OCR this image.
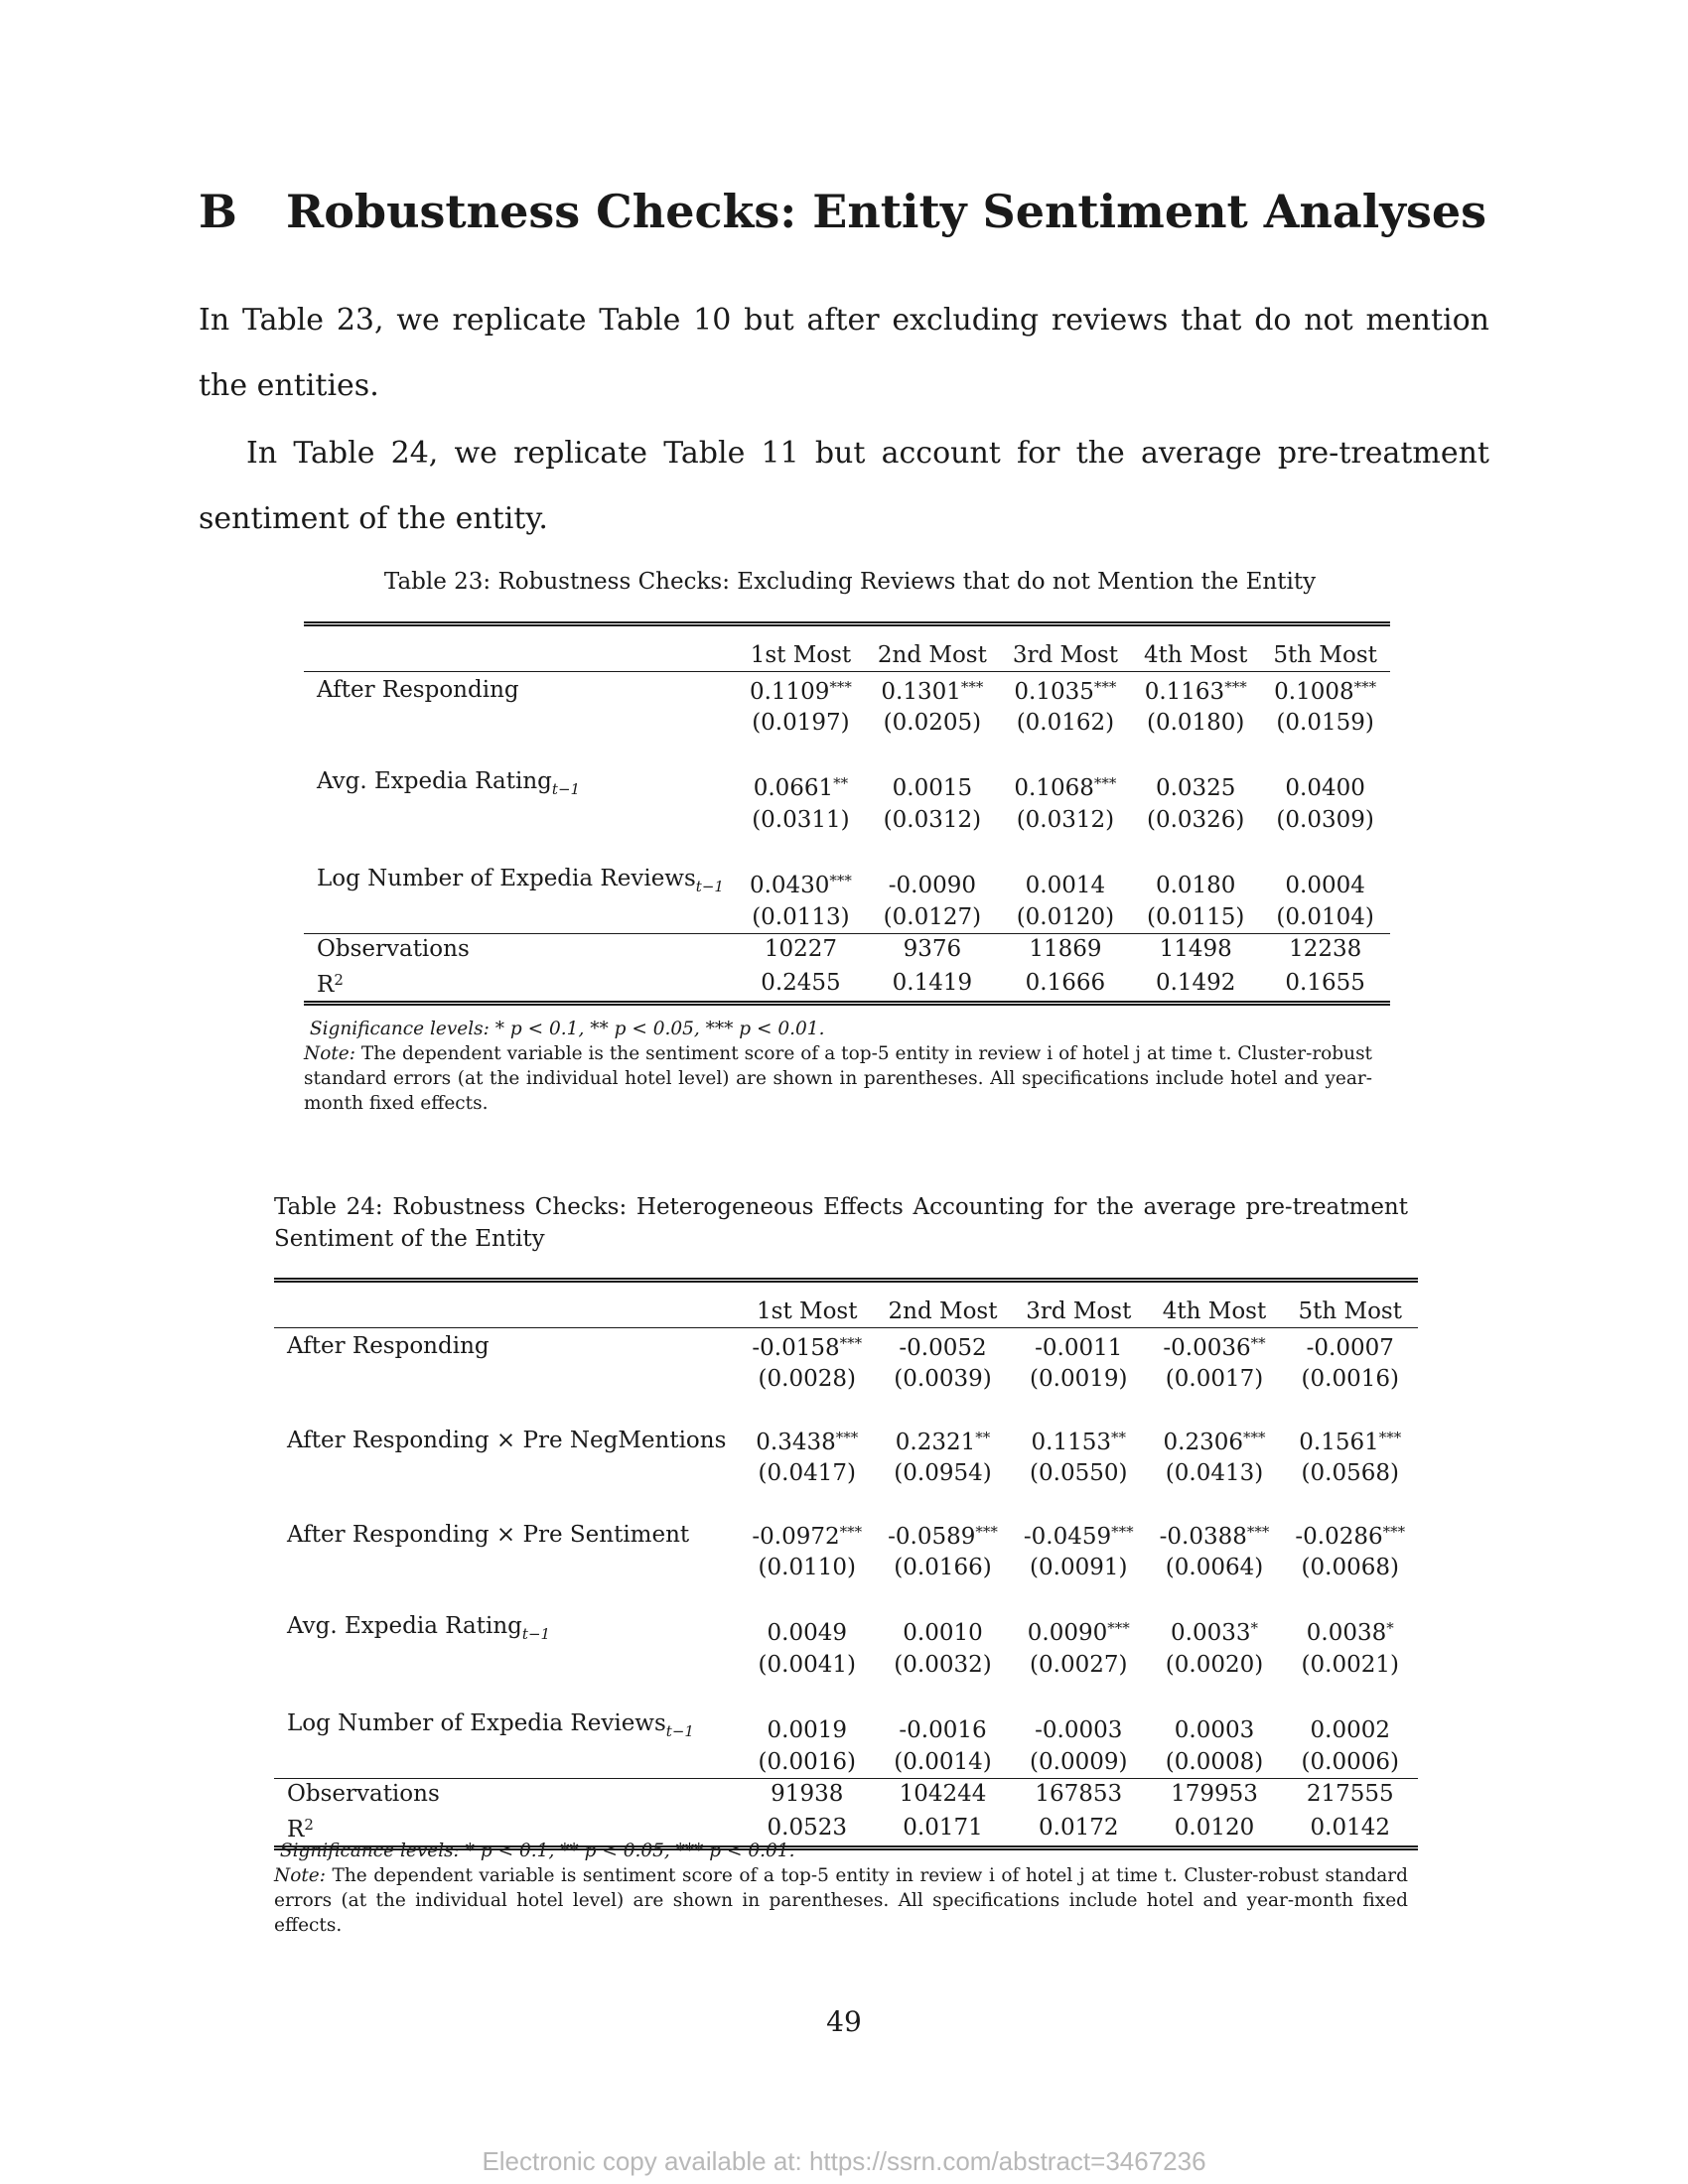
B Robustness Checks: Entity Sentiment Analyses

In Table 23, we replicate Table 10 but after excluding reviews that do not mention the entities.

In Table 24, we replicate Table 11 but account for the average pre-treatment sentiment of the entity.

Table 23: Robustness Checks: Excluding Reviews that do not Mention the Entity

	1st Most	2nd Most	3rd Most	4th Most	5th Most
After Responding	0.1109***	0.1301***	0.1035***	0.1163***	0.1008***
	(0.0197)	(0.0205)	(0.0162)	(0.0180)	(0.0159)

Avg. Expedia Rating$_{t-1}$	0.0661**	0.0015	0.1068***	0.0325	0.0400
	(0.0311)	(0.0312)	(0.0312)	(0.0326)	(0.0309)

Log Number of Expedia Reviews$_{t-1}$	0.0430***	-0.0090	0.0014	0.0180	0.0004
	(0.0113)	(0.0127)	(0.0120)	(0.0115)	(0.0104)
Observations	10227	9376	11869	11498	12238
$R^2$	0.2455	0.1419	0.1666	0.1492	0.1655

Significance levels: * p < 0.1, ** p < 0.05, *** p < 0.01.
Note: The dependent variable is the sentiment score of a top-5 entity in review i of hotel j at time t. Cluster-robust standard errors (at the individual hotel level) are shown in parentheses. All specifications include hotel and year-month fixed effects.

Table 24: Robustness Checks: Heterogeneous Effects Accounting for the average pre-treatment Sentiment of the Entity

	1st Most	2nd Most	3rd Most	4th Most	5th Most
After Responding	-0.0158***	-0.0052	-0.0011	-0.0036**	-0.0007
	(0.0028)	(0.0039)	(0.0019)	(0.0017)	(0.0016)

After Responding × Pre NegMentions	0.3438***	0.2321**	0.1153**	0.2306***	0.1561***
	(0.0417)	(0.0954)	(0.0550)	(0.0413)	(0.0568)

After Responding × Pre Sentiment	-0.0972***	-0.0589***	-0.0459***	-0.0388***	-0.0286***
	(0.0110)	(0.0166)	(0.0091)	(0.0064)	(0.0068)

Avg. Expedia Rating$_{t-1}$	0.0049	0.0010	0.0090***	0.0033*	0.0038*
	(0.0041)	(0.0032)	(0.0027)	(0.0020)	(0.0021)

Log Number of Expedia Reviews$_{t-1}$	0.0019	-0.0016	-0.0003	0.0003	0.0002
	(0.0016)	(0.0014)	(0.0009)	(0.0008)	(0.0006)
Observations	91938	104244	167853	179953	217555
$R^2$	0.0523	0.0171	0.0172	0.0120	0.0142

Significance levels: * p < 0.1, ** p < 0.05, *** p < 0.01.
Note: The dependent variable is sentiment score of a top-5 entity in review i of hotel j at time t. Cluster-robust standard errors (at the individual hotel level) are shown in parentheses. All specifications include hotel and year-month fixed effects.

49

Electronic copy available at: https://ssrn.com/abstract=3467236
